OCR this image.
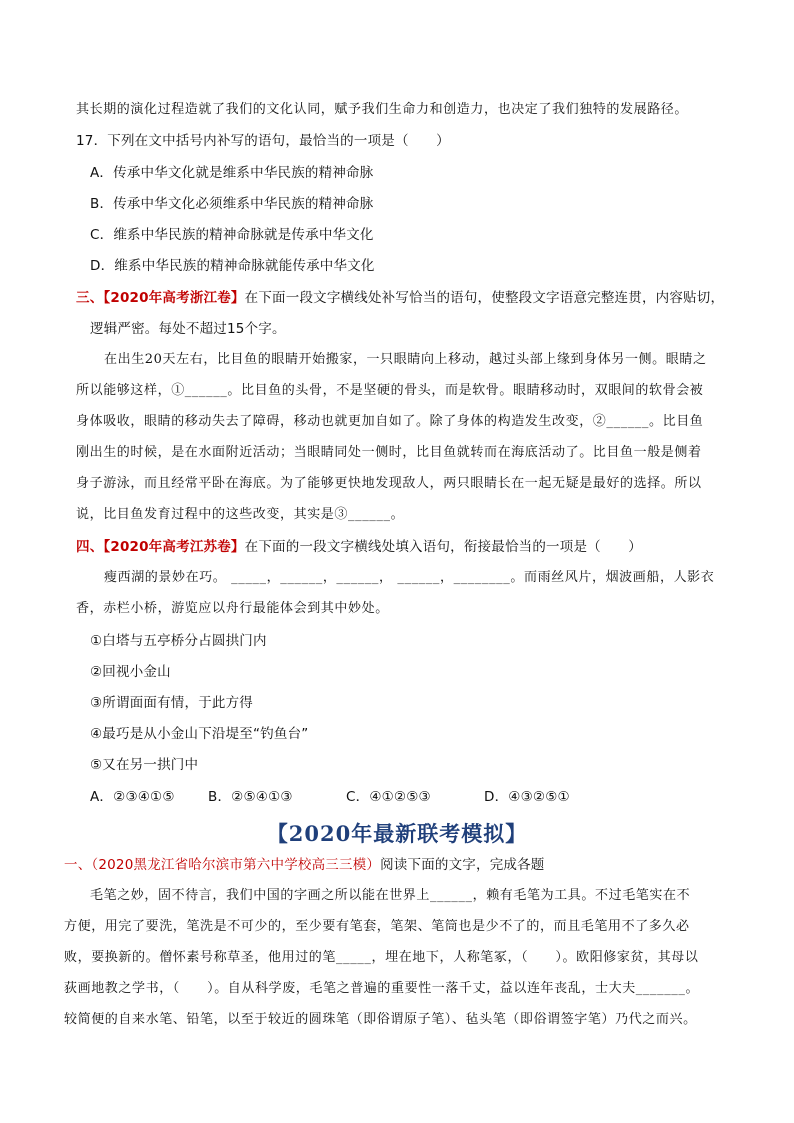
其长期的演化过程造就了我们的文化认同，赋予我们生命力和创造力，也决定了我们独特的发展路径。
17．下列在文中括号内补写的语句，最恰当的一项是（　　）
A．传承中华文化就是维系中华民族的精神命脉
B．传承中华文化必须维系中华民族的精神命脉
C．维系中华民族的精神命脉就是传承中华文化
D．维系中华民族的精神命脉就能传承中华文化
三、【2020年高考浙江卷】在下面一段文字横线处补写恰当的语句，使整段文字语意完整连贯，内容贴切，
逻辑严密。每处不超过15个字。
在出生20天左右，比目鱼的眼睛开始搬家，一只眼睛向上移动，越过头部上缘到身体另一侧。眼睛之
所以能够这样，①______。比目鱼的头骨，不是坚硬的骨头，而是软骨。眼睛移动时，双眼间的软骨会被
身体吸收，眼睛的移动失去了障碍，移动也就更加自如了。除了身体的构造发生改变，②______。比目鱼
刚出生的时候，是在水面附近活动；当眼睛同处一侧时，比目鱼就转而在海底活动了。比目鱼一般是侧着
身子游泳，而且经常平卧在海底。为了能够更快地发现敌人，两只眼睛长在一起无疑是最好的选择。所以
说，比目鱼发育过程中的这些改变，其实是③______。
四、【2020年高考江苏卷】在下面的一段文字横线处填入语句，衔接最恰当的一项是（　　）
瘦西湖的景妙在巧。 _____，______，______， ______，________。而雨丝风片，烟波画船，人影衣
香，赤栏小桥，游览应以舟行最能体会到其中妙处。
①白塔与五亭桥分占圆拱门内
②回视小金山
③所谓面面有情，于此方得
④最巧是从小金山下沿堤至“钓鱼台”
⑤又在另一拱门中
A．②③④①⑤ B．②⑤④①③	C．④①②⑤③	D．④③②⑤①
【2020年最新联考模拟】
一、（2020黑龙江省哈尔滨市第六中学校高三三模）阅读下面的文字，完成各题
毛笔之妙，固不待言，我们中国的字画之所以能在世界上______，赖有毛笔为工具。不过毛笔实在不
方便，用完了要洗，笔洗是不可少的，至少要有笔套，笔架、笔筒也是少不了的，而且毛笔用不了多久必
败，要换新的。僧怀素号称草圣，他用过的笔_____，埋在地下，人称笔冢，（　　）。欧阳修家贫，其母以
荻画地教之学书，（　　）。自从科学废，毛笔之普遍的重要性一落千丈，益以连年丧乱，士大夫_______。
较简便的自来水笔、铅笔，以至于较近的圆珠笔（即俗谓原子笔）、毡头笔（即俗谓签字笔）乃代之而兴。
